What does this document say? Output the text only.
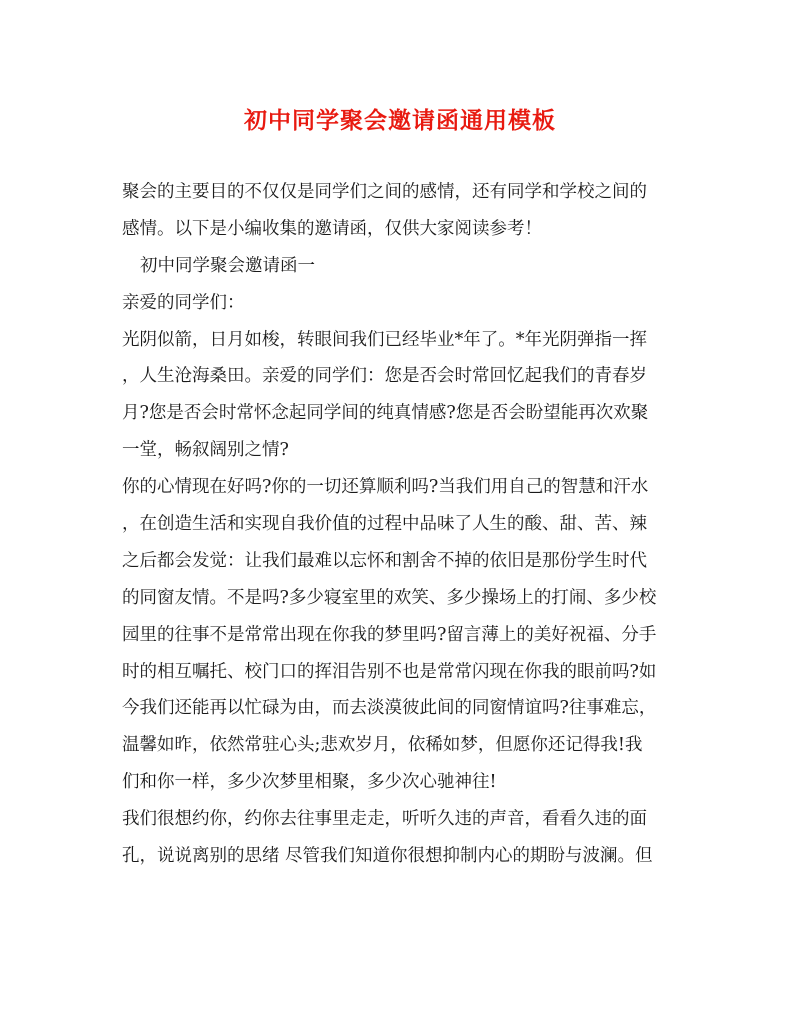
初中同学聚会邀请函通用模板
聚会的主要目的不仅仅是同学们之间的感情，还有同学和学校之间的
感情。以下是小编收集的邀请函，仅供大家阅读参考！
初中同学聚会邀请函一
亲爱的同学们：
光阴似箭，日月如梭，转眼间我们已经毕业*年了。*年光阴弹指一挥
，人生沧海桑田。亲爱的同学们：您是否会时常回忆起我们的青春岁
月?您是否会时常怀念起同学间的纯真情感?您是否会盼望能再次欢聚
一堂，畅叙阔别之情?
你的心情现在好吗?你的一切还算顺利吗?当我们用自己的智慧和汗水
，在创造生活和实现自我价值的过程中品味了人生的酸、甜、苦、辣
之后都会发觉：让我们最难以忘怀和割舍不掉的依旧是那份学生时代
的同窗友情。不是吗?多少寝室里的欢笑、多少操场上的打闹、多少校
园里的往事不是常常出现在你我的梦里吗?留言薄上的美好祝福、分手
时的相互嘱托、校门口的挥泪告别不也是常常闪现在你我的眼前吗?如
今我们还能再以忙碌为由，而去淡漠彼此间的同窗情谊吗?往事难忘，
温馨如昨，依然常驻心头;悲欢岁月，依稀如梦，但愿你还记得我!我
们和你一样，多少次梦里相聚，多少次心驰神往!
我们很想约你，约你去往事里走走，听听久违的声音，看看久违的面
孔，说说离别的思绪 尽管我们知道你很想抑制内心的期盼与波澜。但
